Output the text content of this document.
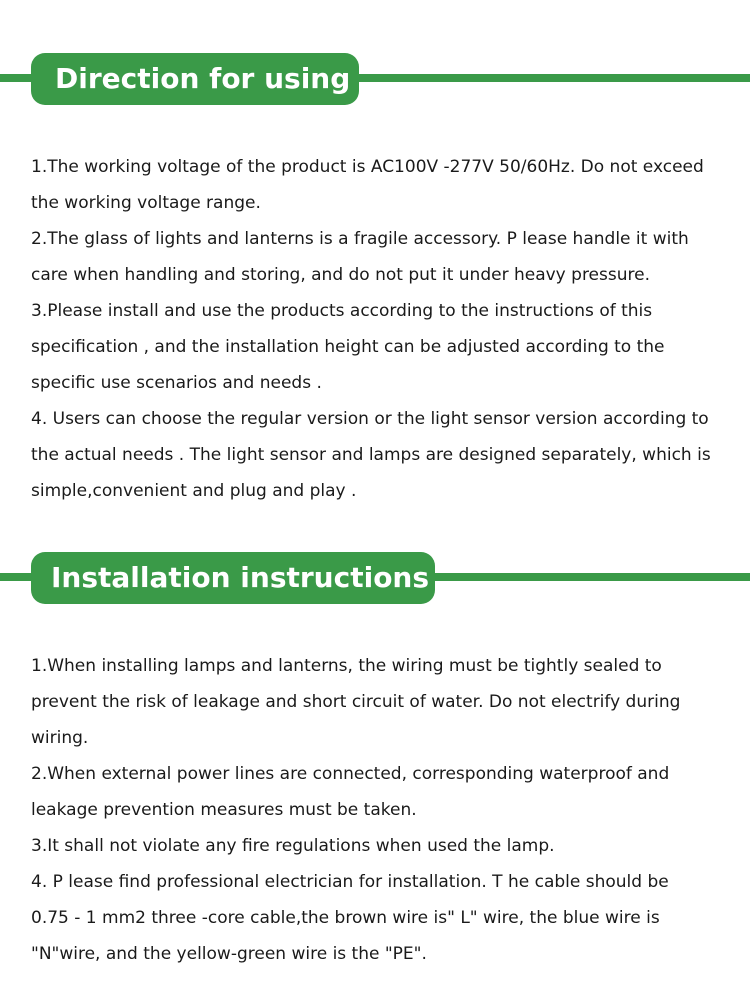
Direction for using

1.The working voltage of the product is AC100V -277V 50/60Hz. Do not exceed

the working voltage range.

2.The glass of lights and lanterns is a fragile accessory. P lease handle it with

care when handling and storing, and do not put it under heavy pressure.

3.Please install and use the products according to the instructions of this

specification , and the installation height can be adjusted according to the

specific use scenarios and needs .

4. Users can choose the regular version or the light sensor version according to

the actual needs . The light sensor and lamps are designed separately, which is

simple,convenient and plug and play .

Installation instructions

1.When installing lamps and lanterns, the wiring must be tightly sealed to

prevent the risk of leakage and short circuit of water. Do not electrify during

wiring.

2.When external power lines are connected, corresponding waterproof and

leakage prevention measures must be taken.

3.It shall not violate any fire regulations when used the lamp.

4. P lease find professional electrician for installation. T he cable should be

0.75 - 1 mm2 three -core cable,the brown wire is" L" wire, the blue wire is

"N"wire, and the yellow-green wire is the "PE".
